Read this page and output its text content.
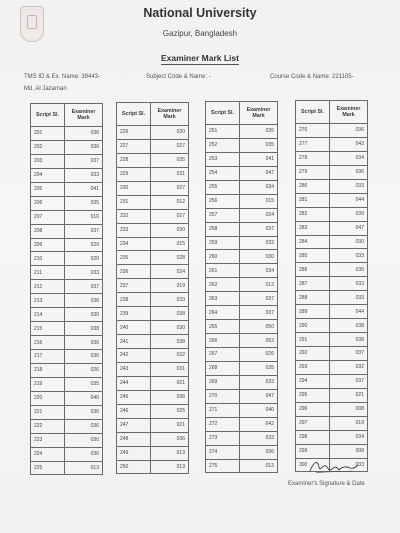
National University
Gazipur, Bangladesh
Examiner Mark List
TMS ID & Ex. Name: 39443-
Md. Al Jazaman
Subject Code & Name: -	Course Code & Name: 221105-
Script Sl.	Examiner Mark
201	036
202	036
203	037
204	033
205	041
206	035
207	010
208	037
209	029
210	020
211	033
212	037
213	036
214	030
215	038
216	036
217	036
218	026
219	035
220	040
221	036
222	036
223	030
224	036
225	013
Script Sl.	Examiner Mark
226	020
227	027
228	035
229	031
230	027
231	012
232	027
233	030
234	015
235	028
236	024
237	019
238	033
239	038
240	030
241	038
242	032
243	031
244	021
245	036
246	025
247	021
248	036
249	013
250	013
Script Sl.	Examiner Mark
251	035
252	035
253	041
254	047
255	034
256	015
257	024
258	037
259	032
260	030
261	034
262	013
263	037
264	037
265	050
266	053
267	026
268	035
269	033
270	047
271	040
272	042
273	033
274	036
275	013
Script Sl.	Examiner Mark
276	036
277	043
278	034
279	036
280	033
281	044
282	039
283	047
284	030
285	033
286	035
287	033
288	033
289	044
290	038
291	038
292	037
293	032
294	037
295	021
296	008
297	019
298	034
299	008
300	033
Examiner's Signature & Date
